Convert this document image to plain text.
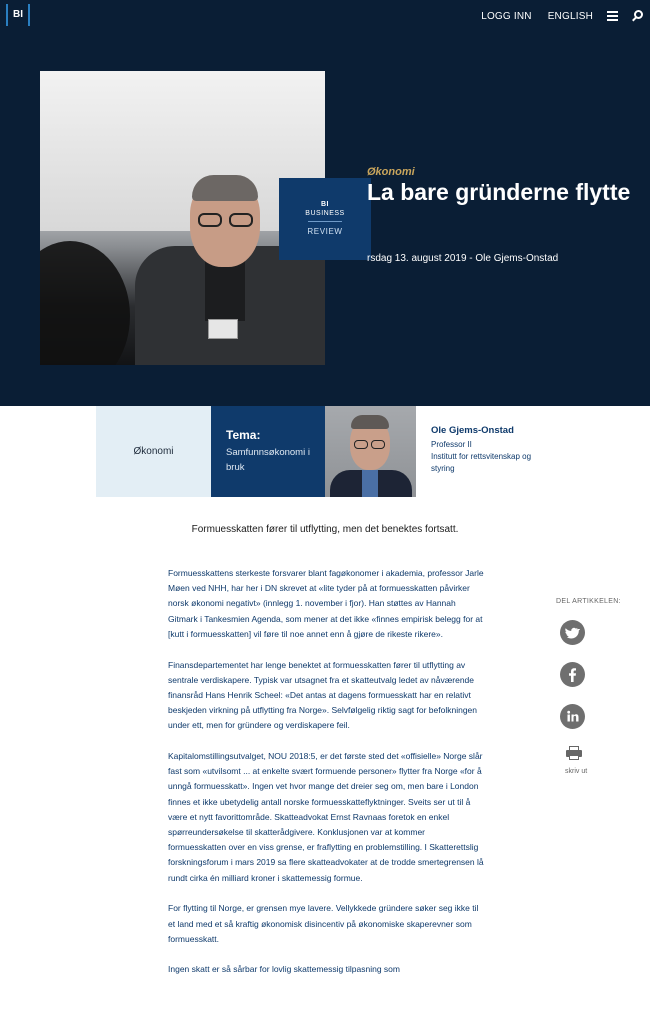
BI	LOGG INN ENGLISH
BI
BUSINESS
REVIEW
Økonomi
La bare gründerne flytte
rsdag 13. august 2019 - Ole Gjems-Onstad
Økonomi
Tema:
Samfunnsøkonomi i bruk
Ole Gjems-Onstad
Professor II
Institutt for rettsvitenskap og styring
Formuesskatten fører til utflytting, men det benektes fortsatt.

Formuesskattens sterkeste forsvarer blant fagøkonomer i akademia, professor Jarle Møen ved NHH, har her i DN skrevet at «lite tyder på at formuesskatten påvirker norsk økonomi negativt» (innlegg 1. november i fjor). Han støttes av Hannah Gitmark i Tankesmien Agenda, som mener at det ikke «finnes empirisk belegg for at [kutt i formuesskatten] vil føre til noe annet enn å gjøre de rikeste rikere».

Finansdepartementet har lenge benektet at formuesskatten fører til utflytting av sentrale verdiskapere. Typisk var utsagnet fra et skatteutvalg ledet av nåværende finansråd Hans Henrik Scheel: «Det antas at dagens formuesskatt har en relativt beskjeden virkning på utflytting fra Norge». Selvfølgelig riktig sagt for befolkningen under ett, men for gründere og verdiskapere feil.

Kapitalomstillingsutvalget, NOU 2018:5, er det første sted det «offisielle» Norge slår fast som «utvilsomt ... at enkelte svært formuende personer» flytter fra Norge «for å unngå formuesskatt». Ingen vet hvor mange det dreier seg om, men bare i London finnes et ikke ubetydelig antall norske formuesskatteflyktninger. Sveits ser ut til å være et nytt favorittområde. Skatteadvokat Ernst Ravnaas foretok en enkel spørreundersøkelse til skatterådgivere. Konklusjonen var at kommer formuesskatten over en viss grense, er fraflytting en problemstilling. I Skatterettslig forskningsforum i mars 2019 sa flere skatteadvokater at de trodde smertegrensen lå rundt cirka én milliard kroner i skattemessig formue.

For flytting til Norge, er grensen mye lavere. Vellykkede gründere søker seg ikke til et land med et så kraftig økonomisk disincentiv på økonomiske skaperevner som formuesskatt.

Ingen skatt er så sårbar for lovlig skattemessig tilpasning som

DEL ARTIKKELEN:
skriv ut
